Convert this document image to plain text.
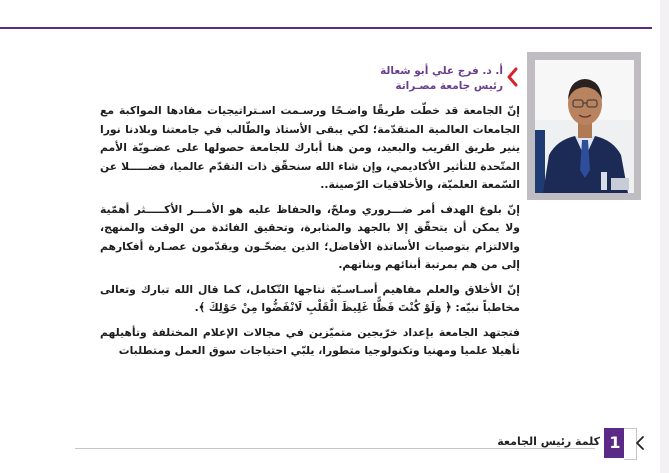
أ. د. فرج علي أبو شعالة
رئيس جامعة مصـراتة

إنّ الجامعة قد خطّت طريقًا واضـحًا ورسـمت اسـتراتيجيات مفادها المواكبة مع الجامعات العالمية المتقدّمة؛ لكي يبقى الأستاذ والطّالب في جامعتنا وبلادنا نورا ينير طريق القريب والبعيد، ومن هنا أبارك للجامعة حصولها على عضـويّة الأمم المتّحدة للتأثير الأكاديمي، وإن شاء الله سنحقّق ذات التقدّم عالميا، فضـــــلا عن السّمعة العلميّة، والأخلاقيات الرّصينة..

إنّ بلوغ الهدف أمر ضـــروري وملحّ، والحفاظ عليه هو الأمـــر الأكـــــثر أهمّية ولا يمكن أن يتحقّق إلا بالجهد والمثابرة، وتحقيق الفائدة من الوقت والمنهج، والالتزام بتوصيات الأساتذة الأفاضل؛ الذين يضحّـون ويقدّمون عصـارة أفكارهم إلى من هم بمرتبة أبنائهم وبناتهم.

إنّ الأخلاق والعلم مفاهيم أسـاسـيّة نتاجها التّكامل، كما قال الله تبارك وتعالى مخاطباً نبيّه: ﴿ وَلَوْ كُنْتَ فَظًّا غَلِيظَ الْقَلْبِ لَانْفَضُّوا مِنْ حَوْلِكَ ﴾.

فتجتهد الجامعة بإعداد خرّيجين متميّزين في مجالات الإعلام المختلفة وتأهيلهم تأهيلا علميا ومهنيا وتكنولوجيا متطورا، يلبّي احتياجات سوق العمل ومتطلبات

كلمة رئيس الجامعة 1
